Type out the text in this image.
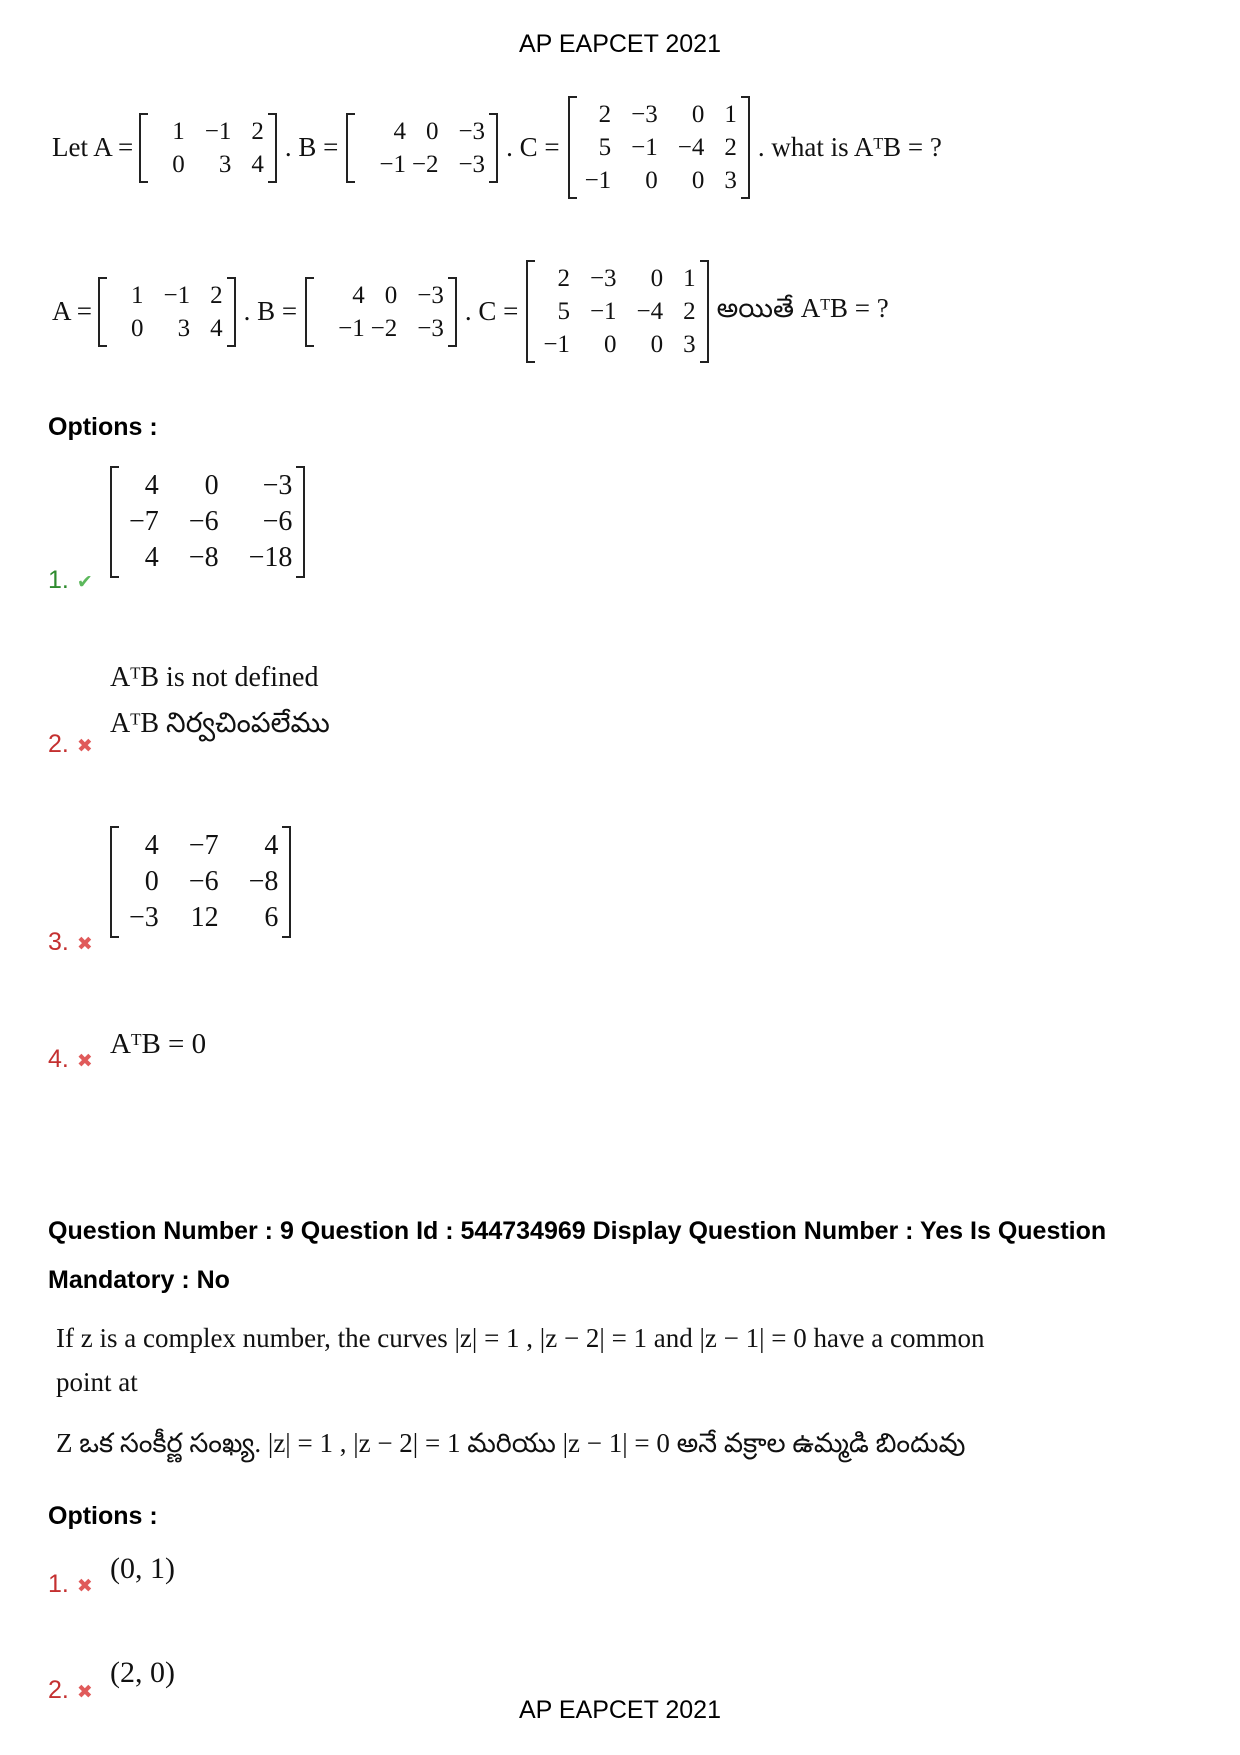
AP EAPCET 2021
Let A =
1 −1 2
0	3 4
. B =
4 0 −3
−1 −2 −3
. C =
2 −3	0 1
5 −1 −4 2
−1	0	0 3
. what is AᵀB = ?
A =
1 −1 2
0	3 4
. B =
4 0 −3
−1 −2 −3
. C =
2 −3	0 1
5 −1 −4 2
−1	0	0 3
అయితే AᵀB = ?
Options :
1. ✔
4	0	−3
−7	−6	−6
4	−8	−18
AᵀB is not defined
AᵀB నిర్వచింపలేము
2. ✖
3. ✖
4	−7	4
0	−6	−8
−3	12	6
4. ✖
AᵀB = 0
Question Number : 9 Question Id : 544734969 Display Question Number : Yes Is Question
Mandatory : No
If z is a complex number, the curves |z| = 1 , |z − 2| = 1 and |z − 1| = 0 have a common
point at
Z ఒక సంకీర్ణ సంఖ్య. |z| = 1 , |z − 2| = 1 మరియు |z − 1| = 0 అనే వక్రాల ఉమ్మడి బిందువు
Options :
1. ✖
(0, 1)
2. ✖
(2, 0)
AP EAPCET 2021
